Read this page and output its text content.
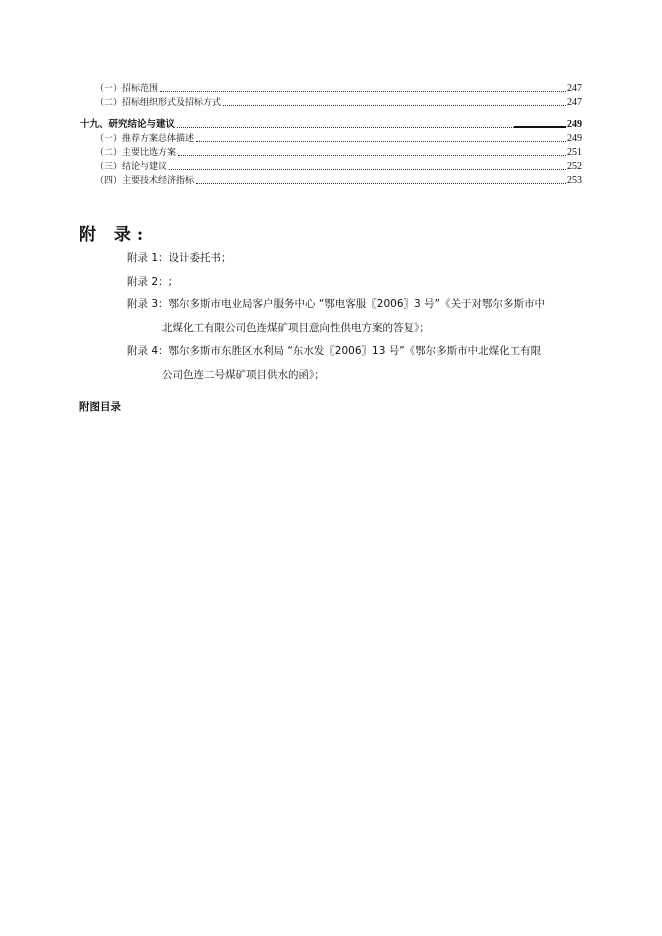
（一）招标范围	247
（二）招标组织形式及招标方式	247
十九、研究结论与建议	249
（一）推荐方案总体描述	249
（二）主要比选方案	251
（三）结论与建议	252
（四）主要技术经济指标	253
附 录:
附录 1：设计委托书；
附录 2：;
附录 3：鄂尔多斯市电业局客户服务中心 “鄂电客服〖2006〗3 号”《关于对鄂尔多斯市中
北煤化工有限公司色连煤矿项目意向性供电方案的答复》；
附录 4：鄂尔多斯市东胜区水利局 “东水发〖2006〗13 号”《鄂尔多斯市中北煤化工有限
公司色连二号煤矿项目供水的函》；
附图目录
